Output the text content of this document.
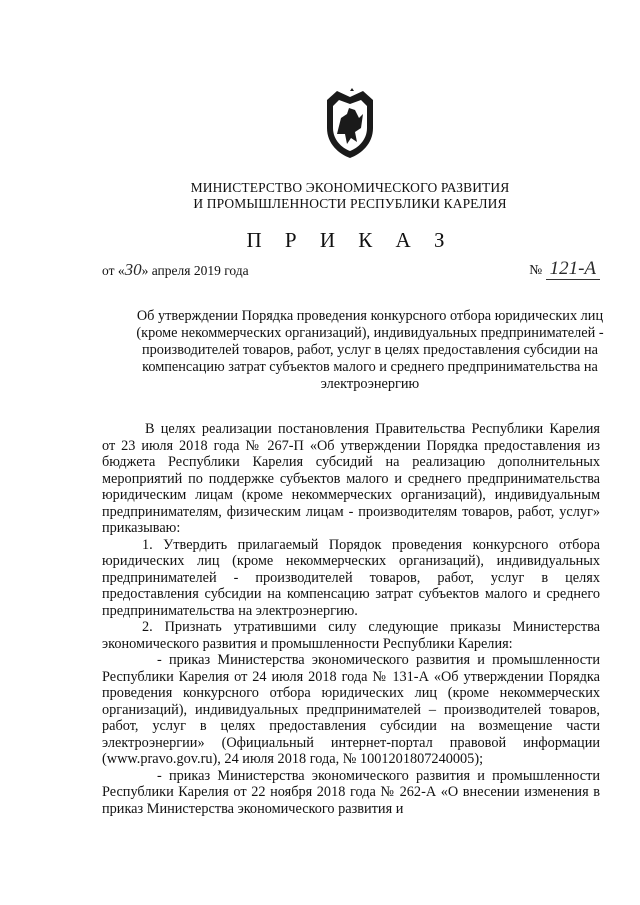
МИНИСТЕРСТВО ЭКОНОМИЧЕСКОГО РАЗВИТИЯ
И ПРОМЫШЛЕННОСТИ РЕСПУБЛИКИ КАРЕЛИЯ
П Р И К А З
от «30» апреля 2019 года	№ 121-А
Об утверждении Порядка проведения конкурсного отбора юридических лиц (кроме некоммерческих организаций), индивидуальных предпринимателей - производителей товаров, работ, услуг в целях предоставления субсидии на компенсацию затрат субъектов малого и среднего предпринимательства на электроэнергию

В целях реализации постановления Правительства Республики Карелия от 23 июля 2018 года № 267-П «Об утверждении Порядка предоставления из бюджета Республики Карелия субсидий на реализацию дополнительных мероприятий по поддержке субъектов малого и среднего предпринимательства юридическим лицам (кроме некоммерческих организаций), индивидуальным предпринимателям, физическим лицам - производителям товаров, работ, услуг» приказываю:

1. Утвердить прилагаемый Порядок проведения конкурсного отбора юридических лиц (кроме некоммерческих организаций), индивидуальных предпринимателей - производителей товаров, работ, услуг в целях предоставления субсидии на компенсацию затрат субъектов малого и среднего предпринимательства на электроэнергию.

2. Признать утратившими силу следующие приказы Министерства экономического развития и промышленности Республики Карелия:

- приказ Министерства экономического развития и промышленности Республики Карелия от 24 июля 2018 года № 131-А «Об утверждении Порядка проведения конкурсного отбора юридических лиц (кроме некоммерческих организаций), индивидуальных предпринимателей – производителей товаров, работ, услуг в целях предоставления субсидии на возмещение части электроэнергии» (Официальный интернет-портал правовой информации (www.pravo.gov.ru), 24 июля 2018 года, № 1001201807240005);

- приказ Министерства экономического развития и промышленности Республики Карелия от 22 ноября 2018 года № 262-А «О внесении изменения в приказ Министерства экономического развития и
